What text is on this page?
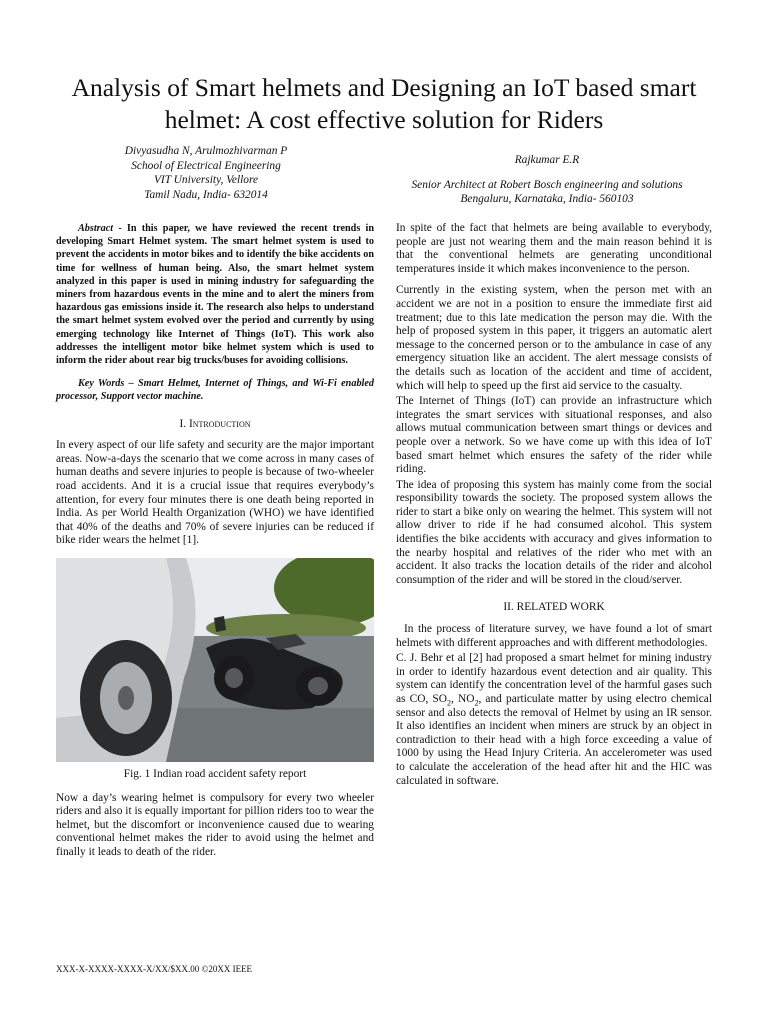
Analysis of Smart helmets and Designing an IoT based smart helmet: A cost effective solution for Riders
Divyasudha N, Arulmozhivarman P
School of Electrical Engineering
VIT University, Vellore
Tamil Nadu, India- 632014
Rajkumar E.R
Senior Architect at Robert Bosch engineering and solutions
Bengaluru, Karnataka, India- 560103

Abstract - In this paper, we have reviewed the recent trends in developing Smart Helmet system. The smart helmet system is used to prevent the accidents in motor bikes and to identify the bike accidents on time for wellness of human being. Also, the smart helmet system analyzed in this paper is used in mining industry for safeguarding the miners from hazardous events in the mine and to alert the miners from hazardous gas emissions inside it. The research also helps to understand the smart helmet system evolved over the period and currently by using emerging technology like Internet of Things (IoT). This work also addresses the intelligent motor bike helmet system which is used to inform the rider about rear big trucks/buses for avoiding collisions.

Key Words – Smart Helmet, Internet of Things, and Wi-Fi enabled processor, Support vector machine.

I. Introduction

In every aspect of our life safety and security are the major important areas. Now-a-days the scenario that we come across in many cases of human deaths and severe injuries to people is because of two-wheeler road accidents. And it is a crucial issue that requires everybody’s attention, for every four minutes there is one death being reported in India. As per World Health Organization (WHO) we have identified that 40% of the deaths and 70% of severe injuries can be reduced if bike rider wears the helmet [1].

Fig. 1 Indian road accident safety report

Now a day’s wearing helmet is compulsory for every two wheeler riders and also it is equally important for pillion riders too to wear the helmet, but the discomfort or inconvenience caused due to wearing conventional helmet makes the rider to avoid using the helmet and finally it leads to death of the rider.

In spite of the fact that helmets are being available to everybody, people are just not wearing them and the main reason behind it is that the conventional helmets are generating unconditional temperatures inside it which makes inconvenience to the person.

Currently in the existing system, when the person met with an accident we are not in a position to ensure the immediate first aid treatment; due to this late medication the person may die. With the help of proposed system in this paper, it triggers an automatic alert message to the concerned person or to the ambulance in case of any emergency situation like an accident. The alert message consists of the details such as location of the accident and time of accident, which will help to speed up the first aid service to the casualty.

The Internet of Things (IoT) can provide an infrastructure which integrates the smart services with situational responses, and also allows mutual communication between smart things or devices and people over a network. So we have come up with this idea of IoT based smart helmet which ensures the safety of the rider while riding.

The idea of proposing this system has mainly come from the social responsibility towards the society. The proposed system allows the rider to start a bike only on wearing the helmet. This system will not allow driver to ride if he had consumed alcohol. This system identifies the bike accidents with accuracy and gives information to the nearby hospital and relatives of the rider who met with an accident. It also tracks the location details of the rider and alcohol consumption of the rider and will be stored in the cloud/server.

II. RELATED WORK

In the process of literature survey, we have found a lot of smart helmets with different approaches and with different methodologies.

C. J. Behr et al [2] had proposed a smart helmet for mining industry in order to identify hazardous event detection and air quality. This system can identify the concentration level of the harmful gases such as CO, $SO_2$, $NO_2$, and particulate matter by using electro chemical sensor and also detects the removal of Helmet by using an IR sensor. It also identifies an incident when miners are struck by an object in contradiction to their head with a high force exceeding a value of 1000 by using the Head Injury Criteria. An accelerometer was used to calculate the acceleration of the head after hit and the HIC was calculated in software.

XXX-X-XXXX-XXXX-X/XX/$XX.00 ©20XX IEEE
